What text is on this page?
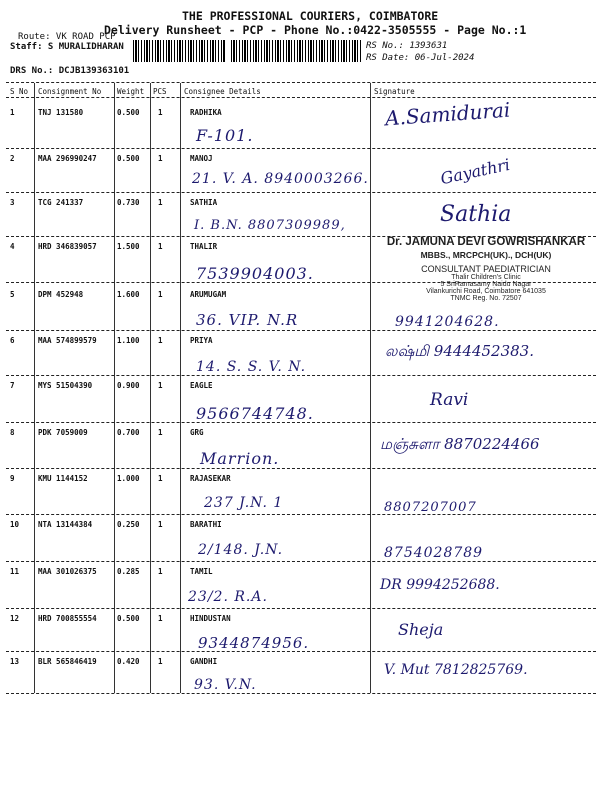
THE PROFESSIONAL COURIERS, COIMBATORE
Delivery Runsheet - PCP - Phone No.:0422-3505555 - Page No.:1
Route: VK ROAD PCP
Staff: S MURALIDHARAN
DRS No.: DCJB139363101
RS No.: 1393631
RS Date: 06-Jul-2024
S No Consignment No Weight PCS Consignee Details	Signature
1	TNJ 131580	0.500 1	RADHIKA
F-101.
A.Samidurai
2	MAA 296990247	0.500 1	MANOJ
21. V. A. 8940003266.	Gayathri
3	TCG 241337	0.730 1	SATHIA
I. B.N. 8807309989,	Sathia
4	HRD 346839057	1.500 1	THALIR
7539904003.
Dr. JAMUNA DEVI GOWRISHANKAR
MBBS., MRCPCH(UK)., DCH(UK)
CONSULTANT PAEDIATRICIAN
Thalir Children's Clinic
5 SriRamasamy Naidu Nagar
Vilankurichi Road, Coimbatore 641035
TNMC Reg. No. 72507
5	DPM 452948	1.600 1	ARUMUGAM
36. VIP. N.R	9941204628.
6	MAA 574899579	1.100 1	PRIYA
14. S. S. V. N.
லஷ்மி 9444452383.
7	MYS 51504390	0.900 1	EAGLE
9566744748.
Ravi
8	PDK 7059009	0.700 1	GRG
Marrion.
மஞ்சுளா 8870224466
9	KMU 1144152	1.000 1	RAJASEKAR
237 J.N. 1	8807207007
10	NTA 13144384	0.250 1	BARATHI
2/148. J.N.	8754028789
11	MAA 301026375	0.285 1	TAMIL
23/2. R.A.
DR 9994252688.
12	HRD 700855554	0.500 1	HINDUSTAN
9344874956.
Sheja
13	BLR 565846419	0.420 1	GANDHI
93. V.N.
V. Mut 7812825769.
